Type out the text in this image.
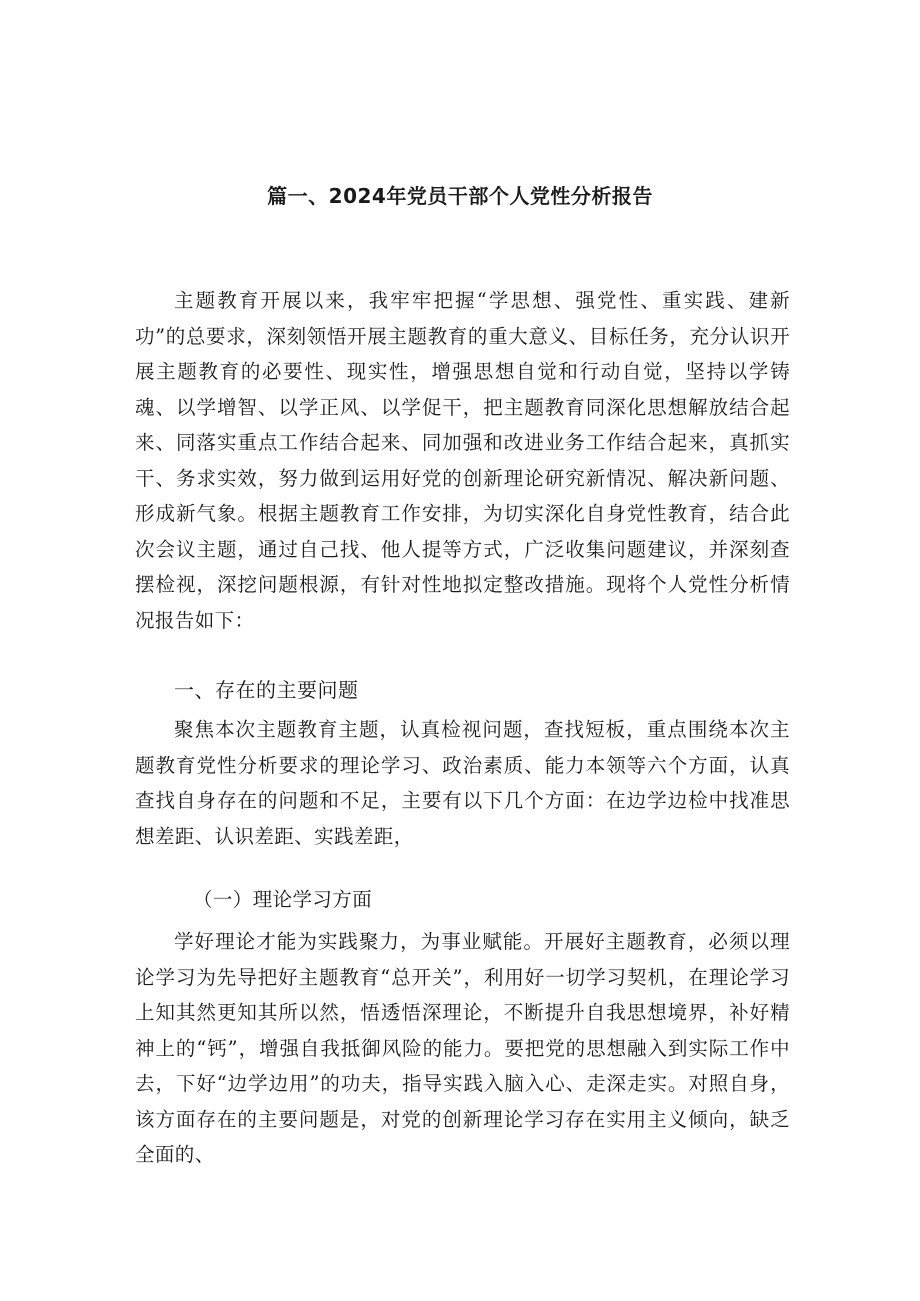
篇一、2024年党员干部个人党性分析报告

主题教育开展以来，我牢牢把握“学思想、强党性、重实践、建新功”的总要求，深刻领悟开展主题教育的重大意义、目标任务，充分认识开展主题教育的必要性、现实性，增强思想自觉和行动自觉，坚持以学铸魂、以学增智、以学正风、以学促干，把主题教育同深化思想解放结合起来、同落实重点工作结合起来、同加强和改进业务工作结合起来，真抓实干、务求实效，努力做到运用好党的创新理论研究新情况、解决新问题、形成新气象。根据主题教育工作安排，为切实深化自身党性教育，结合此次会议主题，通过自己找、他人提等方式，广泛收集问题建议，并深刻查摆检视，深挖问题根源，有针对性地拟定整改措施。现将个人党性分析情况报告如下：

一、存在的主要问题

聚焦本次主题教育主题，认真检视问题，查找短板，重点围绕本次主题教育党性分析要求的理论学习、政治素质、能力本领等六个方面，认真查找自身存在的问题和不足，主要有以下几个方面：在边学边检中找准思想差距、认识差距、实践差距，

（一）理论学习方面

学好理论才能为实践聚力，为事业赋能。开展好主题教育，必须以理论学习为先导把好主题教育“总开关”，利用好一切学习契机，在理论学习上知其然更知其所以然，悟透悟深理论，不断提升自我思想境界，补好精神上的“钙”，增强自我抵御风险的能力。要把党的思想融入到实际工作中去，下好“边学边用”的功夫，指导实践入脑入心、走深走实。对照自身，该方面存在的主要问题是，对党的创新理论学习存在实用主义倾向，缺乏全面的、
